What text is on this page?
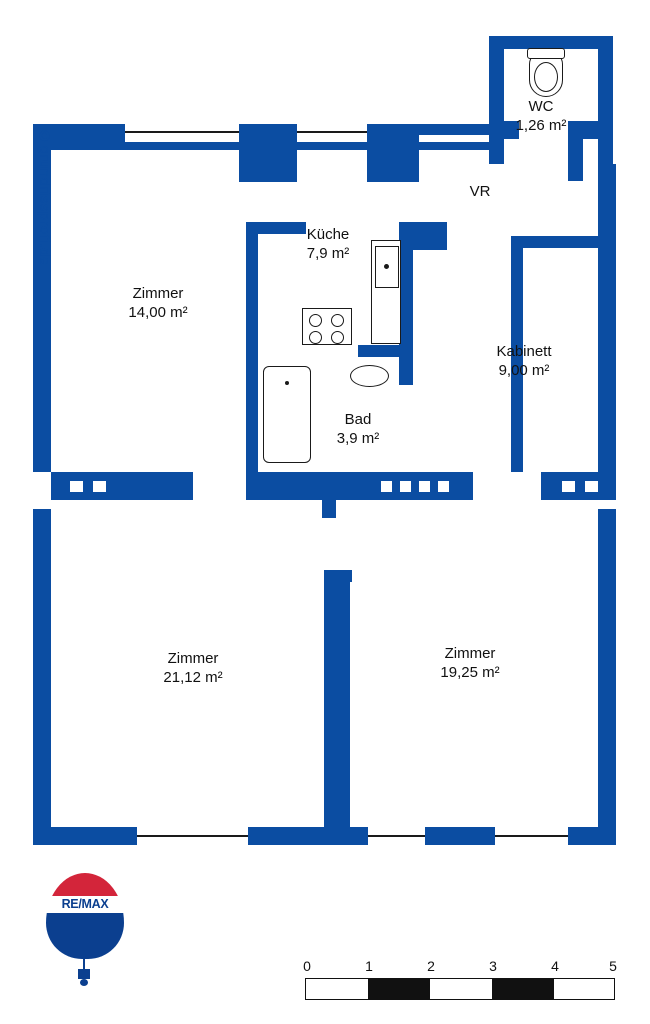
WC
1,26 m²
VR
Küche
7,9 m²
Zimmer
14,00 m²
Kabinett
9,00 m²
Bad
3,9 m²
Zimmer
21,12 m²
Zimmer
19,25 m²
©grundrissprofi.de
RE/MAX
0	1	2	3	4	5
